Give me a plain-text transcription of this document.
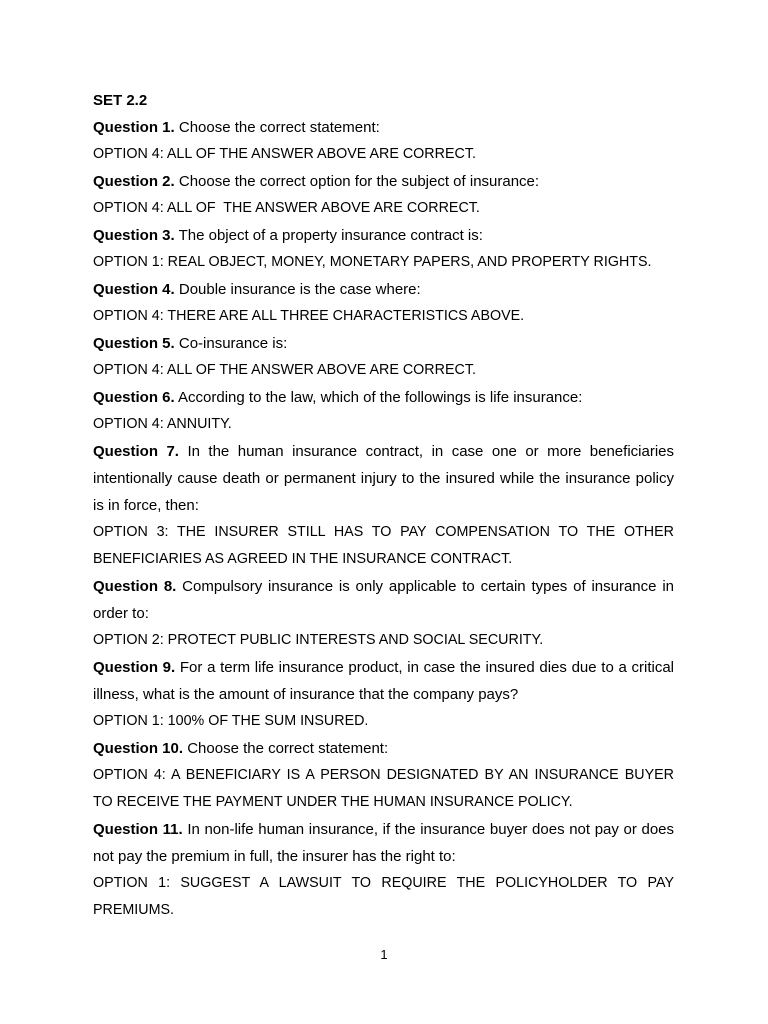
SET 2.2

Question 1. Choose the correct statement:

OPTION 4: ALL OF THE ANSWER ABOVE ARE CORRECT.

Question 2. Choose the correct option for the subject of insurance:

OPTION 4: ALL OF  THE ANSWER ABOVE ARE CORRECT.

Question 3. The object of a property insurance contract is:

OPTION 1: REAL OBJECT, MONEY, MONETARY PAPERS, AND PROPERTY RIGHTS.

Question 4. Double insurance is the case where:

OPTION 4: THERE ARE ALL THREE CHARACTERISTICS ABOVE.

Question 5. Co-insurance is:

OPTION 4: ALL OF THE ANSWER ABOVE ARE CORRECT.

Question 6. According to the law, which of the followings is life insurance:

OPTION 4: ANNUITY.

Question 7. In the human insurance contract, in case one or more beneficiaries intentionally cause death or permanent injury to the insured while the insurance policy is in force, then:

OPTION 3: THE INSURER STILL HAS TO PAY COMPENSATION TO THE OTHER BENEFICIARIES AS AGREED IN THE INSURANCE CONTRACT.

Question 8. Compulsory insurance is only applicable to certain types of insurance in order to:

OPTION 2: PROTECT PUBLIC INTERESTS AND SOCIAL SECURITY.

Question 9. For a term life insurance product, in case the insured dies due to a critical illness, what is the amount of insurance that the company pays?

OPTION 1: 100% OF THE SUM INSURED.

Question 10. Choose the correct statement:

OPTION 4: A BENEFICIARY IS A PERSON DESIGNATED BY AN INSURANCE BUYER TO RECEIVE THE PAYMENT UNDER THE HUMAN INSURANCE POLICY.

Question 11. In non-life human insurance, if the insurance buyer does not pay or does not pay the premium in full, the insurer has the right to:

OPTION 1: SUGGEST A LAWSUIT TO REQUIRE THE POLICYHOLDER TO PAY PREMIUMS.

1
